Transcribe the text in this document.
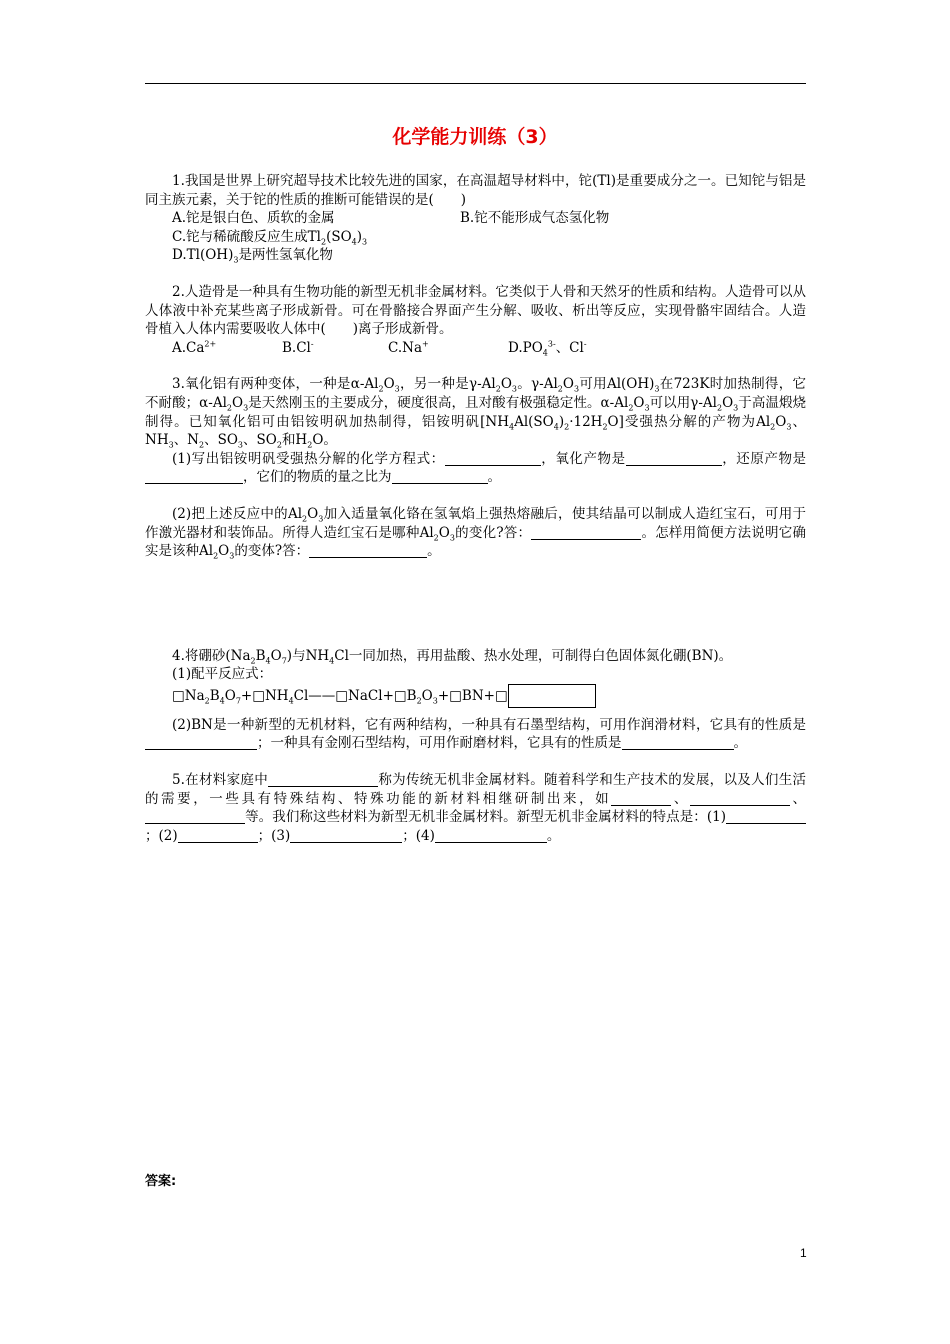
化学能力训练（3）

1.我国是世界上研究超导技术比较先进的国家，在高温超导材料中，铊(Tl)是重要成分之一。已知铊与铝是同主族元素，关于铊的性质的推断可能错误的是(　　)

A.铊是银白色、质软的金属	B.铊不能形成气态氢化物

C.铊与稀硫酸反应生成$Tl_2(SO_4)_3$

$D.Tl(OH)_3$是两性氢氧化物

2.人造骨是一种具有生物功能的新型无机非金属材料。它类似于人骨和天然牙的性质和结构。人造骨可以从人体液中补充某些离子形成新骨。可在骨骼接合界面产生分解、吸收、析出等反应，实现骨骼牢固结合。人造骨植入人体内需要吸收人体中(　　)离子形成新骨。

$A.Ca^{2+}$	B.Cl-	C.Na+	$D.PO_4^{3-}$、Cl-

3.氧化铝有两种变体，一种是$\alpha-Al_2O_3$，另一种是$\gamma-Al_2O_3$。$\gamma-Al_2O_3$可用$Al(OH)_3$在723K时加热制得，它不耐酸；$\alpha-Al_2O_3$是天然刚玉的主要成分，硬度很高，且对酸有极强稳定性。$\alpha-Al_2O_3$可以用$\gamma-Al_2O_3$于高温煅烧制得。已知氧化铝可由铝铵明矾加热制得，铝铵明矾$[NH_4Al(SO_4)_2\cdot 12H_2O]$受强热分解的产物为$Al_2O_3$、$NH_3$、$N_2$、$SO_3$、$SO_2$和$H_2O$。

(1)写出铝铵明矾受强热分解的化学方程式：	，氧化产物是	，还原产物是，它们的物质的量之比为	。

(2)把上述反应中的$Al_2O_3$加入适量氧化铬在氢氧焰上强热熔融后，使其结晶可以制成人造红宝石，可用于作激光器材和装饰品。所得人造红宝石是哪种$Al_2O_3$的变化?答：	。怎样用简便方法说明它确实是该种$Al_2O_3$的变体?答：	。

4.将硼砂$(Na_2B_4O_7)$与$NH_4Cl$一同加热，再用盐酸、热水处理，可制得白色固体氮化硼(BN)。

(1)配平反应式：

$□Na_2B_4O_7+□NH_4Cl——□NaCl+□B_2O_3+□BN+□$

(2)BN是一种新型的无机材料，它有两种结构，一种具有石墨型结构，可用作润滑材料，它具有的性质是；一种具有金刚石型结构，可用作耐磨材料，它具有的性质是	。

5.在材料家庭中	称为传统无机非金属材料。随着科学和生产技术的发展，以及人们生活的需要，一些具有特殊结构、特殊功能的新材料相继研制出来，如	、	、等。我们称这些材料为新型无机非金属材料。新型无机非金属材料的特点是：(1)；(2)	；(3)	；(4)	。

答案:
1
